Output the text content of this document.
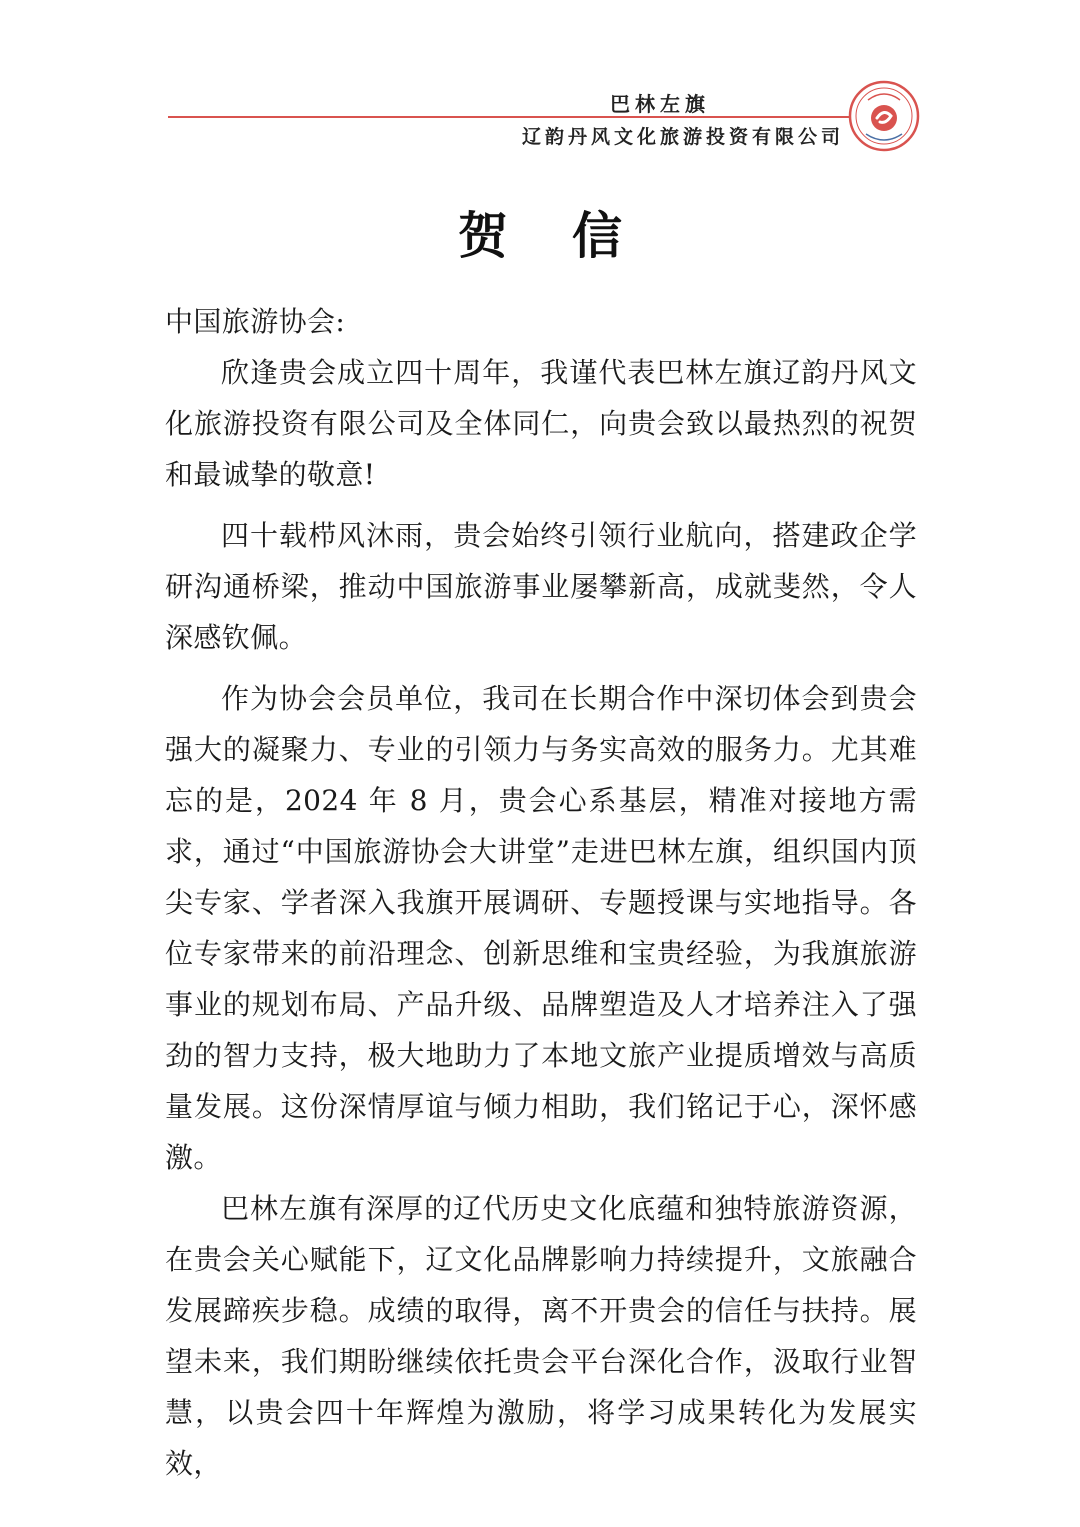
巴林左旗
辽韵丹风文化旅游投资有限公司
贺 信
中国旅游协会:

欣逢贵会成立四十周年，我谨代表巴林左旗辽韵丹风文化旅游投资有限公司及全体同仁，向贵会致以最热烈的祝贺和最诚挚的敬意!

四十载栉风沐雨，贵会始终引领行业航向，搭建政企学研沟通桥梁，推动中国旅游事业屡攀新高，成就斐然，令人深感钦佩。

作为协会会员单位，我司在长期合作中深切体会到贵会强大的凝聚力、专业的引领力与务实高效的服务力。尤其难忘的是，2024 年 8 月，贵会心系基层，精准对接地方需求，通过“中国旅游协会大讲堂”走进巴林左旗，组织国内顶尖专家、学者深入我旗开展调研、专题授课与实地指导。各位专家带来的前沿理念、创新思维和宝贵经验，为我旗旅游事业的规划布局、产品升级、品牌塑造及人才培养注入了强劲的智力支持，极大地助力了本地文旅产业提质增效与高质量发展。这份深情厚谊与倾力相助，我们铭记于心，深怀感激。

巴林左旗有深厚的辽代历史文化底蕴和独特旅游资源，在贵会关心赋能下，辽文化品牌影响力持续提升，文旅融合发展蹄疾步稳。成绩的取得，离不开贵会的信任与扶持。展望未来，我们期盼继续依托贵会平台深化合作，汲取行业智慧，以贵会四十年辉煌为激励，将学习成果转化为发展实效，
